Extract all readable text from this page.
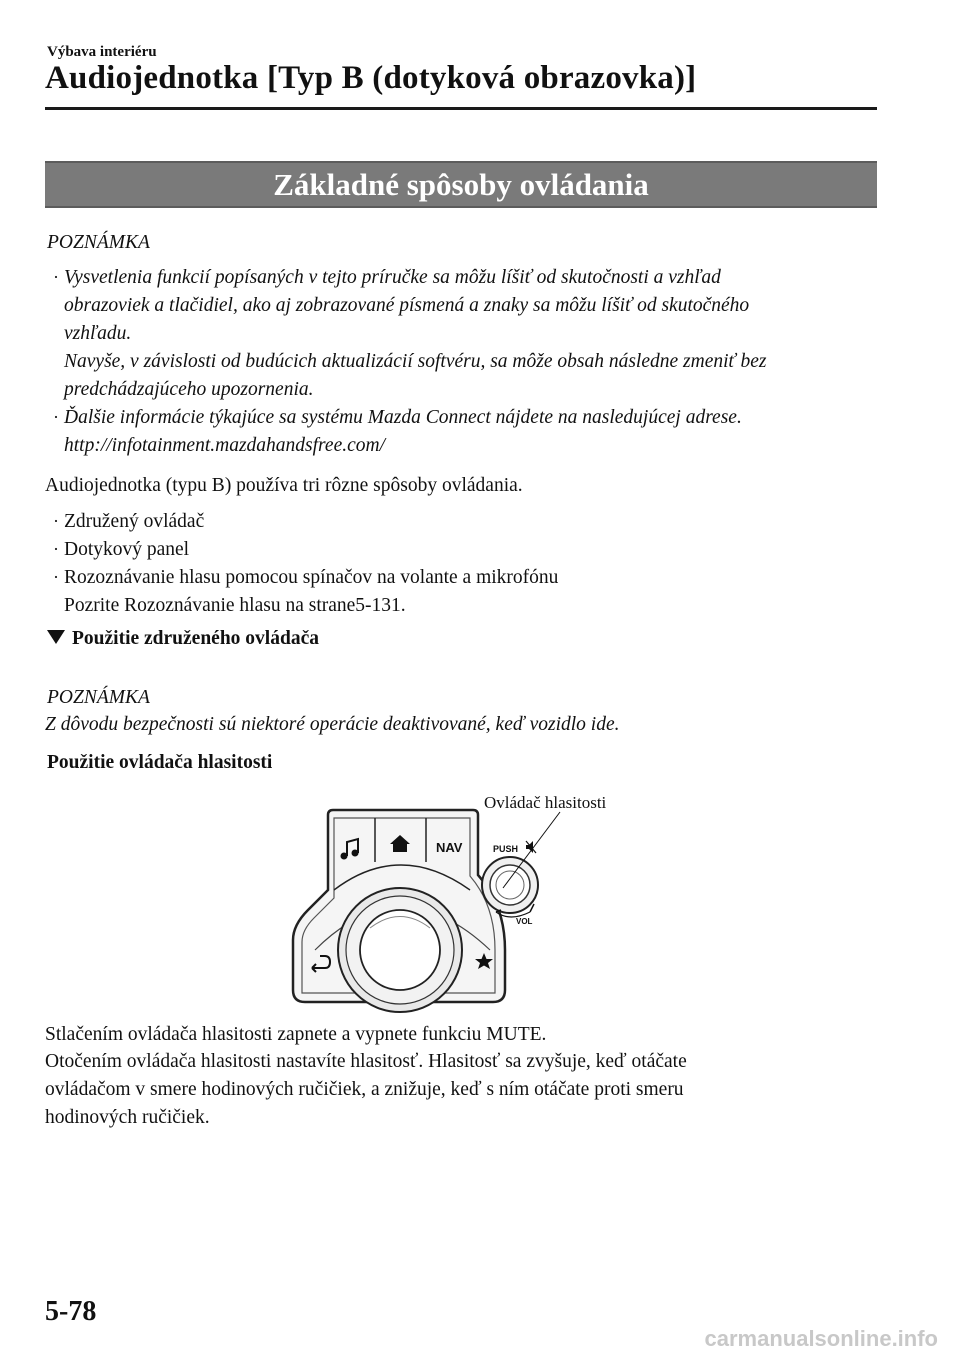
Výbava interiéru
Audiojednotka [Typ B (dotyková obrazovka)]
Základné spôsoby ovládania
POZNÁMKA
· Vysvetlenia funkcií popísaných v tejto príručke sa môžu líšiť od skutočnosti a vzhľad
obrazoviek a tlačidiel, ako aj zobrazované písmená a znaky sa môžu líšiť od skutočného
vzhľadu.
Navyše, v závislosti od budúcich aktualizácií softvéru, sa môže obsah následne zmeniť bez
predchádzajúceho upozornenia.
· Ďalšie informácie týkajúce sa systému Mazda Connect nájdete na nasledujúcej adrese.
http://infotainment.mazdahandsfree.com/
Audiojednotka (typu B) používa tri rôzne spôsoby ovládania.
· Združený ovládač
· Dotykový panel
· Rozoznávanie hlasu pomocou spínačov na volante a mikrofónu
Pozrite Rozoznávanie hlasu na strane5-131.
Použitie združeného ovládača
POZNÁMKA
Z dôvodu bezpečnosti sú niektoré operácie deaktivované, keď vozidlo ide.
Použitie ovládača hlasitosti
Ovládač hlasitosti
NAV	PUSH
VOL
Stlačením ovládača hlasitosti zapnete a vypnete funkciu MUTE.
Otočením ovládača hlasitosti nastavíte hlasitosť. Hlasitosť sa zvyšuje, keď otáčate
ovládačom v smere hodinových ručičiek, a znižuje, keď s ním otáčate proti smeru
hodinových ručičiek.
5-78
carmanualsonline.info
